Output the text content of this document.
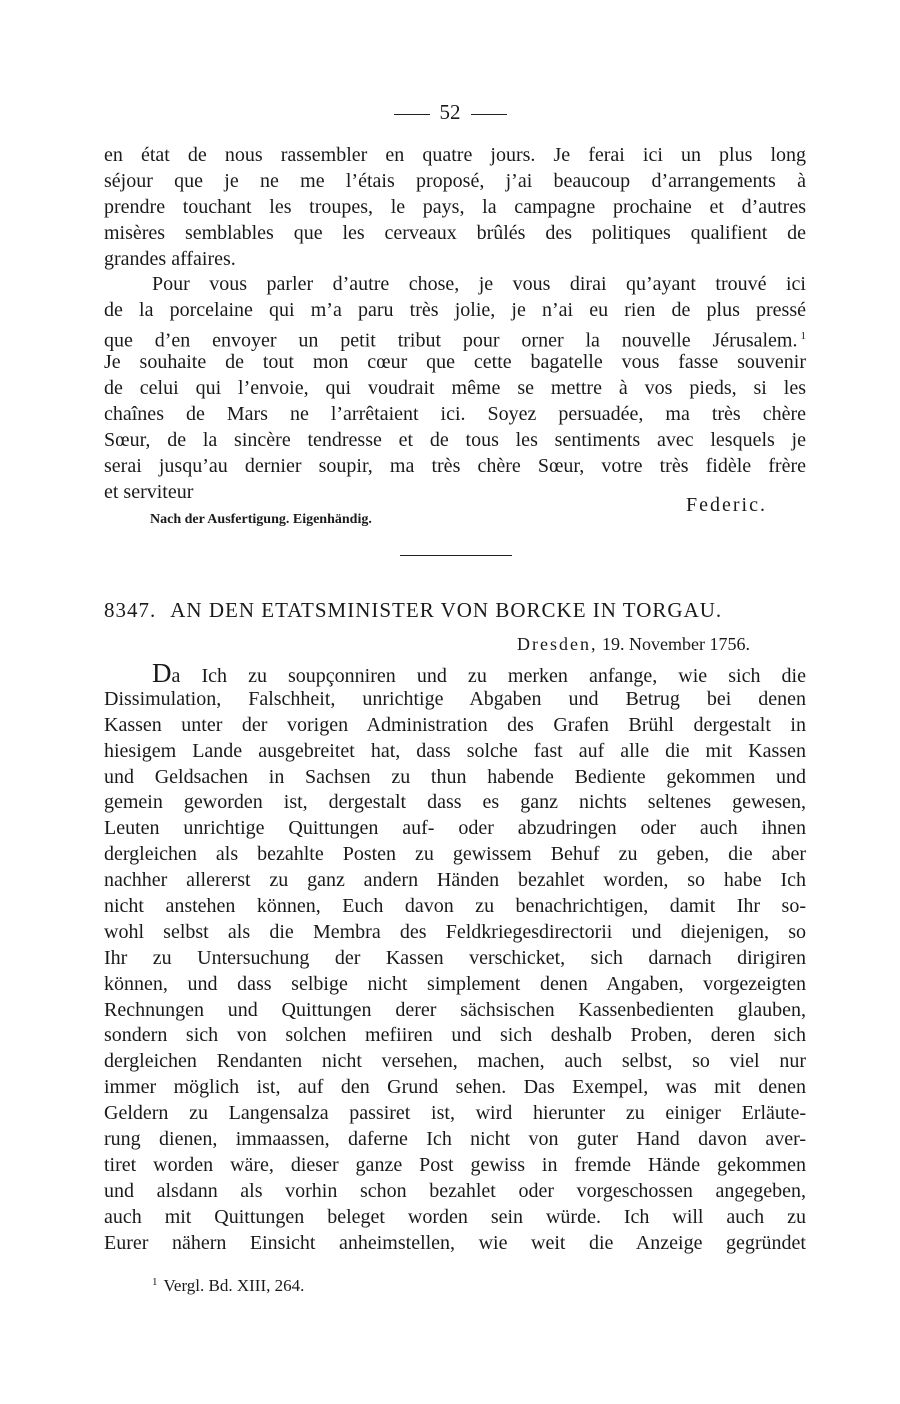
52
en état de nous rassembler en quatre jours. Je ferai ici un plus long
séjour que je ne me l’étais proposé, j’ai beaucoup d’arrangements à
prendre touchant les troupes, le pays, la campagne prochaine et d’autres
misères semblables que les cerveaux brûlés des politiques qualifient de
grandes affaires.
Pour vous parler d’autre chose, je vous dirai qu’ayant trouvé ici
de la porcelaine qui m’a paru très jolie, je n’ai eu rien de plus pressé
que d’en envoyer un petit tribut pour orner la nouvelle Jérusalem. $^1$
Je souhaite de tout mon cœur que cette bagatelle vous fasse souvenir
de celui qui l’envoie, qui voudrait même se mettre à vos pieds, si les
chaînes de Mars ne l’arrêtaient ici. Soyez persuadée, ma très chère
Sœur, de la sincère tendresse et de tous les sentiments avec lesquels je
serai jusqu’au dernier soupir, ma très chère Sœur, votre très fidèle frère
et serviteur
Federic.
Nach der Ausfertigung. Eigenhändig.
8347. AN DEN ETATSMINISTER VON BORCKE IN TORGAU.
Dresden, 19. November 1756.
Da Ich zu soupçonniren und zu merken anfange, wie sich die
Dissimulation, Falschheit, unrichtige Abgaben und Betrug bei denen
Kassen unter der vorigen Administration des Grafen Brühl dergestalt in
hiesigem Lande ausgebreitet hat, dass solche fast auf alle die mit Kassen
und Geldsachen in Sachsen zu thun habende Bediente gekommen und
gemein geworden ist, dergestalt dass es ganz nichts seltenes gewesen,
Leuten unrichtige Quittungen auf- oder abzudringen oder auch ihnen
dergleichen als bezahlte Posten zu gewissem Behuf zu geben, die aber
nachher allererst zu ganz andern Händen bezahlet worden, so habe Ich
nicht anstehen können, Euch davon zu benachrichtigen, damit Ihr so-
wohl selbst als die Membra des Feldkriegesdirectorii und diejenigen, so
Ihr zu Untersuchung der Kassen verschicket, sich darnach dirigiren
können, und dass selbige nicht simplement denen Angaben, vorgezeigten
Rechnungen und Quittungen derer sächsischen Kassenbedienten glauben,
sondern sich von solchen mefiiren und sich deshalb Proben, deren sich
dergleichen Rendanten nicht versehen, machen, auch selbst, so viel nur
immer möglich ist, auf den Grund sehen. Das Exempel, was mit denen
Geldern zu Langensalza passiret ist, wird hierunter zu einiger Erläute-
rung dienen, immaassen, daferne Ich nicht von guter Hand davon aver-
tiret worden wäre, dieser ganze Post gewiss in fremde Hände gekommen
und alsdann als vorhin schon bezahlet oder vorgeschossen angegeben,
auch mit Quittungen beleget worden sein würde. Ich will auch zu
Eurer nähern Einsicht anheimstellen, wie weit die Anzeige gegründet
$^1$ Vergl. Bd. XIII, 264.
